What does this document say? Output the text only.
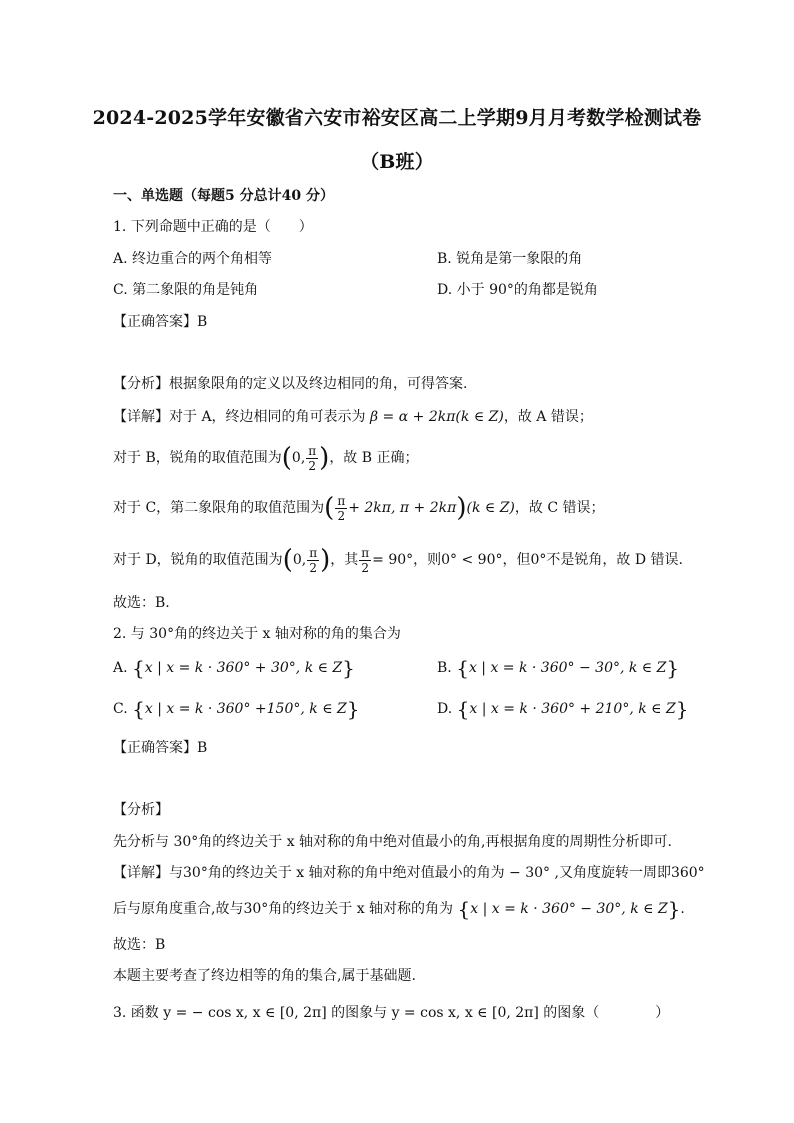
2024-2025学年安徽省六安市裕安区高二上学期9月月考数学检测试卷
（B班）
一、单选题（每题5 分总计40 分）
1. 下列命题中正确的是（　　）
A. 终边重合的两个角相等	B. 锐角是第一象限的角
C. 第二象限的角是钝角	D. 小于 90°的角都是锐角
【正确答案】B
【分析】根据象限角的定义以及终边相同的角，可得答案.
【详解】对于 A，终边相同的角可表示为 β = α + 2kπ(k ∈ Z)，故 A 错误；
对于 B，锐角的取值范围为(0, $\frac{\pi}{2}$ )，故 B 正确；
对于 C，第二象限角的取值范围为( $\frac{\pi}{2} + 2k\pi$, π + 2kπ)(k ∈ Z)，故 C 错误；
对于 D，锐角的取值范围为(0, $\frac{\pi}{2}$ )，其 $\frac{\pi}{2} = 90^\circ$，则0° < 90°，但0°不是锐角，故 D 错误.
故选：B.
2. 与 30°角的终边关于 x 轴对称的角的集合为
A. {x | x = k · 360° + 30°, k ∈ Z}	B. {x | x = k · 360° − 30°, k ∈ Z}
C. {x | x = k · 360° +150°, k ∈ Z}	D. {x | x = k · 360° + 210°, k ∈ Z}
【正确答案】B
【分析】
先分析与 30°角的终边关于 x 轴对称的角中绝对值最小的角,再根据角度的周期性分析即可.
【详解】与30°角的终边关于 x 轴对称的角中绝对值最小的角为 − 30° ,又角度旋转一周即360°
后与原角度重合,故与30°角的终边关于 x 轴对称的角为 {x | x = k · 360° − 30°, k ∈ Z}.
故选：B
本题主要考查了终边相等的角的集合,属于基础题.
3. 函数 y = − cos x, x ∈ [0, 2π] 的图象与 y = cos x, x ∈ [0, 2π] 的图象（　　　　）
